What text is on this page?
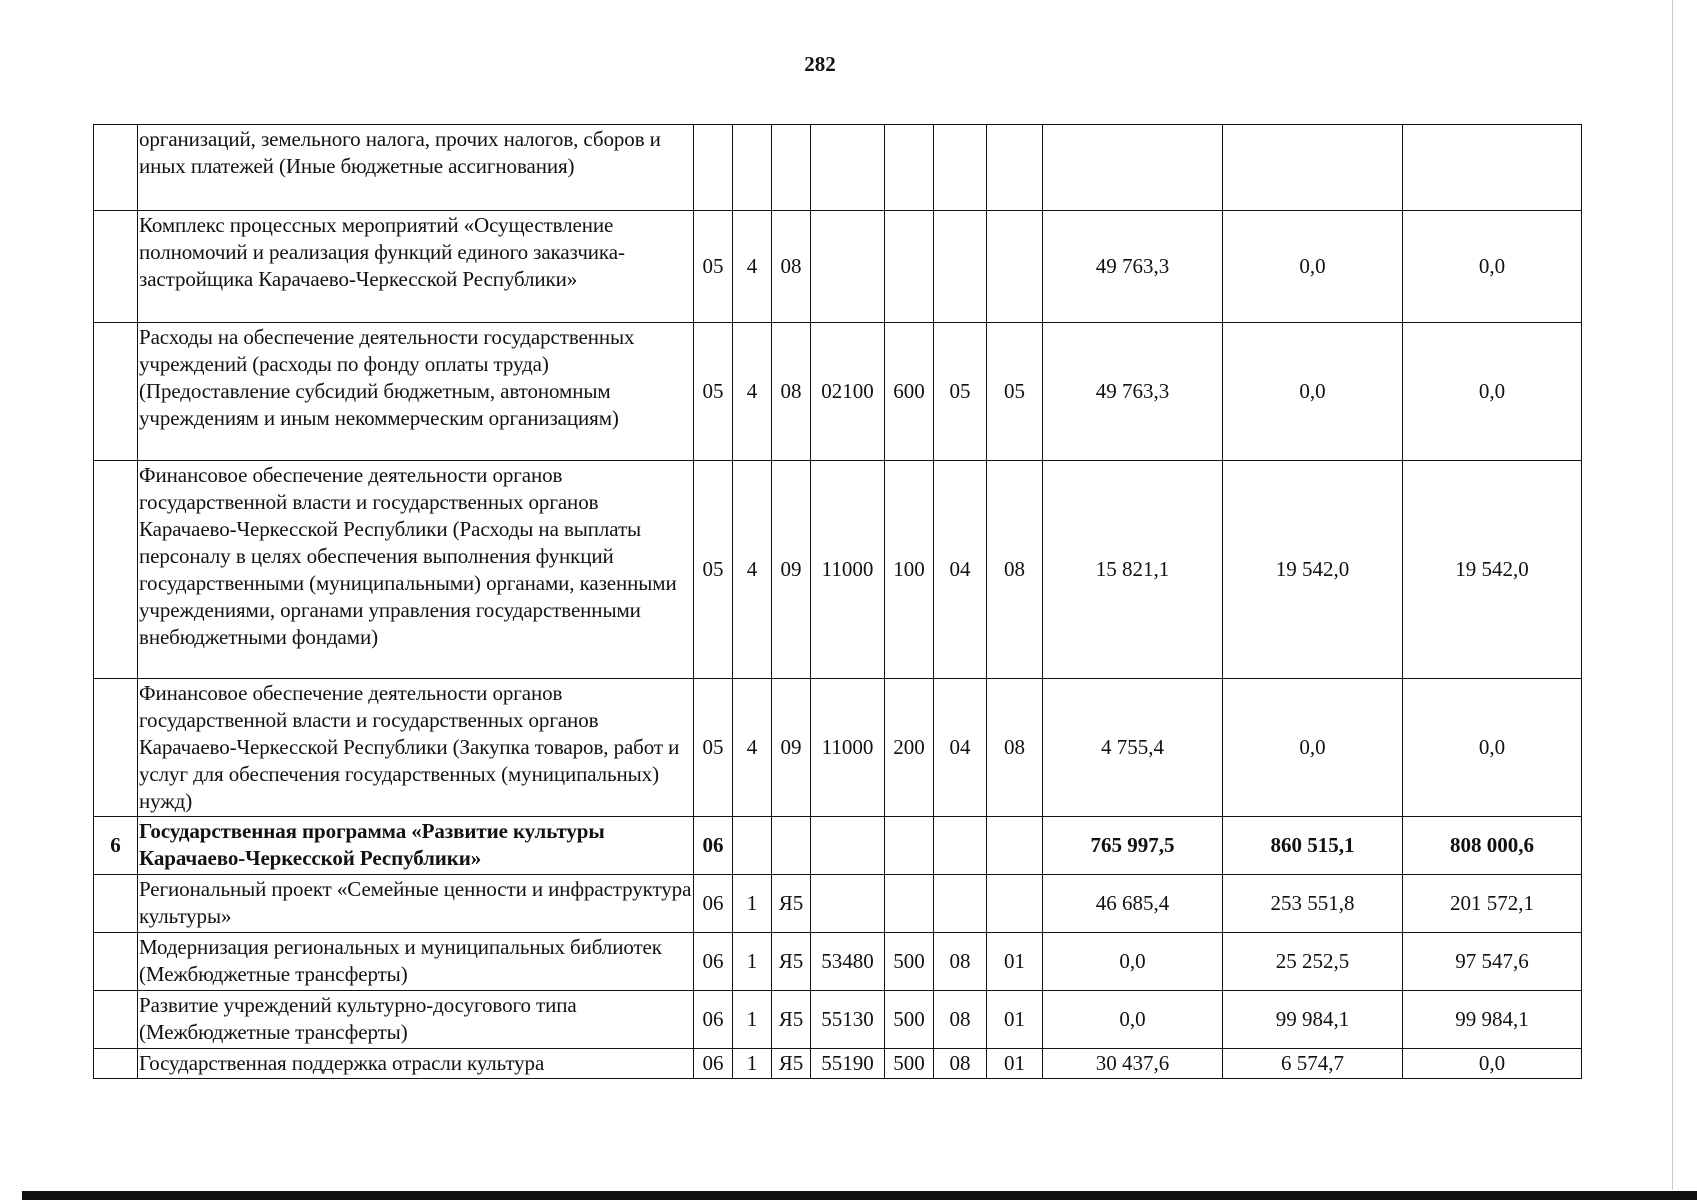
282
	организаций, земельного налога, прочих налогов, сборов и иных платежей (Иные бюджетные ассигнования)										
	Комплекс процессных мероприятий «Осуществление полномочий и реализация функций единого заказчика-застройщика Карачаево-Черкесской Республики»	05	4	08					49 763,3	0,0	0,0
	Расходы на обеспечение деятельности государственных учреждений (расходы по фонду оплаты труда) (Предоставление субсидий бюджетным, автономным учреждениям и иным некоммерческим организациям)	05	4	08	02100	600	05	05	49 763,3	0,0	0,0
	Финансовое обеспечение деятельности органов государственной власти и государственных органов Карачаево-Черкесской Республики (Расходы на выплаты персоналу в целях обеспечения выполнения функций государственными (муниципальными) органами, казенными учреждениями, органами управления государственными внебюджетными фондами)	05	4	09	11000	100	04	08	15 821,1	19 542,0	19 542,0
	Финансовое обеспечение деятельности органов государственной власти и государственных органов Карачаево-Черкесской Республики (Закупка товаров, работ и услуг для обеспечения государственных (муниципальных) нужд)	05	4	09	11000	200	04	08	4 755,4	0,0	0,0
6	Государственная программа «Развитие культуры Карачаево-Черкесской Республики»	06							765 997,5	860 515,1	808 000,6
	Региональный проект «Семейные ценности и инфраструктура культуры»	06	1	Я5					46 685,4	253 551,8	201 572,1
	Модернизация региональных и муниципальных библиотек (Межбюджетные трансферты)	06	1	Я5	53480	500	08	01	0,0	25 252,5	97 547,6
	Развитие учреждений культурно-досугового типа (Межбюджетные трансферты)	06	1	Я5	55130	500	08	01	0,0	99 984,1	99 984,1
	Государственная поддержка отрасли культура	06	1	Я5	55190	500	08	01	30 437,6	6 574,7	0,0
